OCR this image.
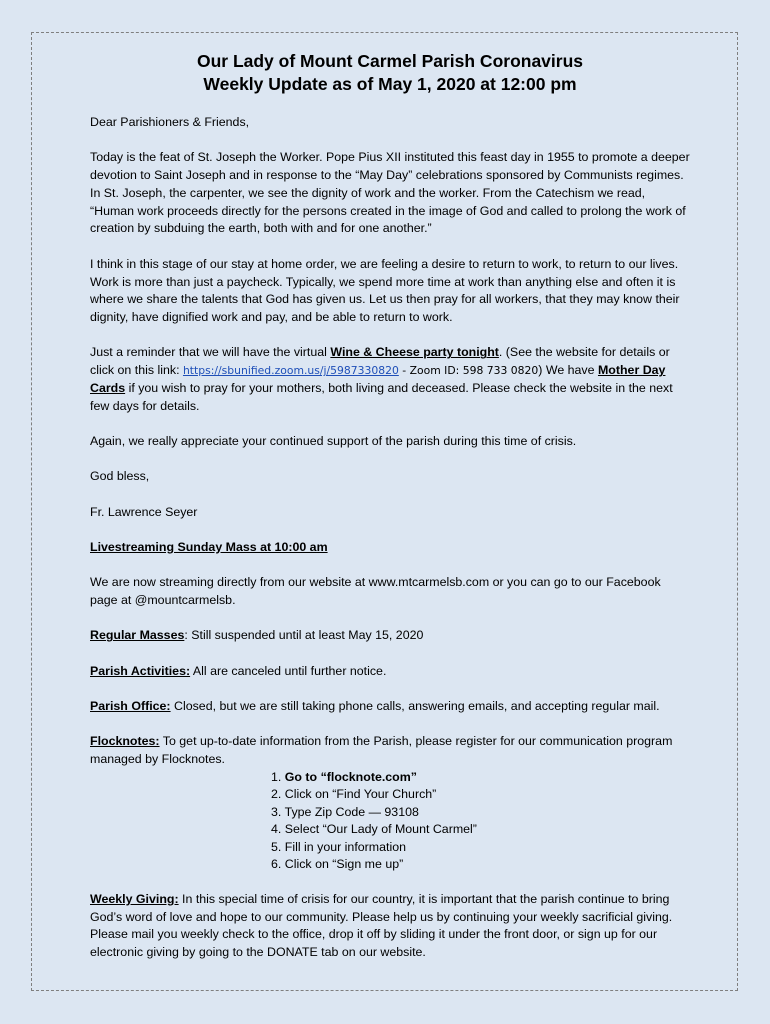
Our Lady of Mount Carmel Parish Coronavirus
Weekly Update as of May 1, 2020 at 12:00 pm

Dear Parishioners & Friends,

Today is the feat of St. Joseph the Worker. Pope Pius XII instituted this feast day in 1955 to promote a deeper devotion to Saint Joseph and in response to the “May Day” celebrations sponsored by Communists regimes. In St. Joseph, the carpenter, we see the dignity of work and the worker. From the Catechism we read, “Human work proceeds directly for the persons created in the image of God and called to prolong the work of creation by subduing the earth, both with and for one another.”

I think in this stage of our stay at home order, we are feeling a desire to return to work, to return to our lives. Work is more than just a paycheck. Typically, we spend more time at work than anything else and often it is where we share the talents that God has given us. Let us then pray for all workers, that they may know their dignity, have dignified work and pay, and be able to return to work.

Just a reminder that we will have the virtual Wine & Cheese party tonight. (See the website for details or click on this link: https://sbunified.zoom.us/j/5987330820 - Zoom ID: 598 733 0820) We have Mother Day Cards if you wish to pray for your mothers, both living and deceased. Please check the website in the next few days for details.

Again, we really appreciate your continued support of the parish during this time of crisis.

God bless,

Fr. Lawrence Seyer

Livestreaming Sunday Mass at 10:00 am

We are now streaming directly from our website at www.mtcarmelsb.com or you can go to our Facebook page at @mountcarmelsb.

Regular Masses: Still suspended until at least May 15, 2020

Parish Activities: All are canceled until further notice.

Parish Office: Closed, but we are still taking phone calls, answering emails, and accepting regular mail.

Flocknotes: To get up-to-date information from the Parish, please register for our communication program managed by Flocknotes.

1. Go to “flocknote.com”
2. Click on “Find Your Church”
3. Type Zip Code — 93108
4. Select “Our Lady of Mount Carmel”
5. Fill in your information
6. Click on “Sign me up”

Weekly Giving: In this special time of crisis for our country, it is important that the parish continue to bring God’s word of love and hope to our community. Please help us by continuing your weekly sacrificial giving. Please mail you weekly check to the office, drop it off by sliding it under the front door, or sign up for our electronic giving by going to the DONATE tab on our website.
